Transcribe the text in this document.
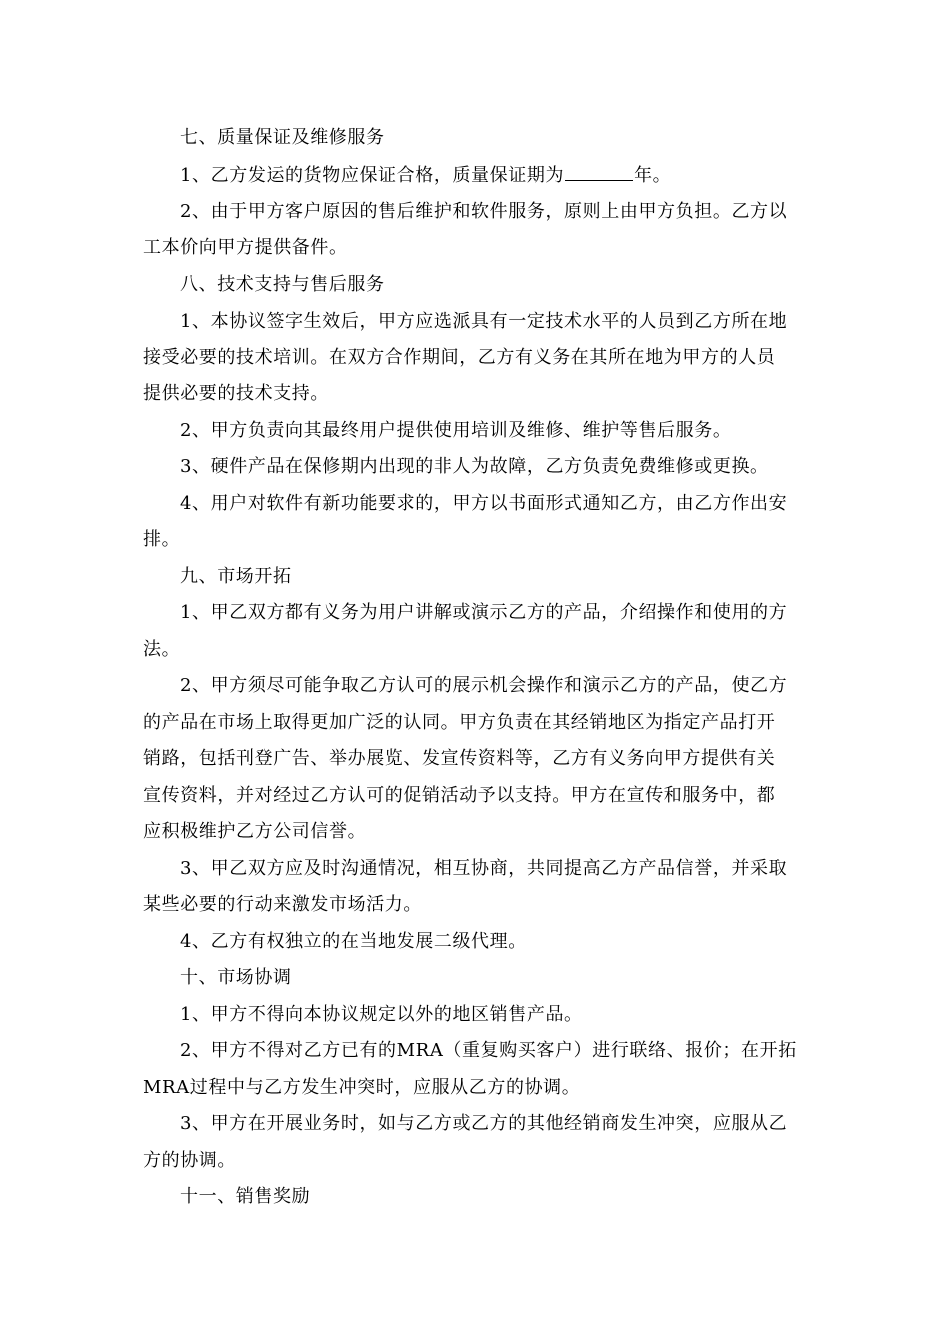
七、质量保证及维修服务
1、乙方发运的货物应保证合格，质量保证期为	年。
2、由于甲方客户原因的售后维护和软件服务，原则上由甲方负担。乙方以
工本价向甲方提供备件。
八、技术支持与售后服务
1、本协议签字生效后，甲方应选派具有一定技术水平的人员到乙方所在地
接受必要的技术培训。在双方合作期间，乙方有义务在其所在地为甲方的人员
提供必要的技术支持。
2、甲方负责向其最终用户提供使用培训及维修、维护等售后服务。
3、硬件产品在保修期内出现的非人为故障，乙方负责免费维修或更换。
4、用户对软件有新功能要求的，甲方以书面形式通知乙方，由乙方作出安
排。
九、市场开拓
1、甲乙双方都有义务为用户讲解或演示乙方的产品，介绍操作和使用的方
法。
2、甲方须尽可能争取乙方认可的展示机会操作和演示乙方的产品，使乙方
的产品在市场上取得更加广泛的认同。甲方负责在其经销地区为指定产品打开
销路，包括刊登广告、举办展览、发宣传资料等，乙方有义务向甲方提供有关
宣传资料，并对经过乙方认可的促销活动予以支持。甲方在宣传和服务中，都
应积极维护乙方公司信誉。
3、甲乙双方应及时沟通情况，相互协商，共同提高乙方产品信誉，并采取
某些必要的行动来激发市场活力。
4、乙方有权独立的在当地发展二级代理。
十、市场协调
1、甲方不得向本协议规定以外的地区销售产品。
2、甲方不得对乙方已有的MRA（重复购买客户）进行联络、报价；在开拓
MRA过程中与乙方发生冲突时，应服从乙方的协调。
3、甲方在开展业务时，如与乙方或乙方的其他经销商发生冲突，应服从乙
方的协调。
十一、销售奖励
